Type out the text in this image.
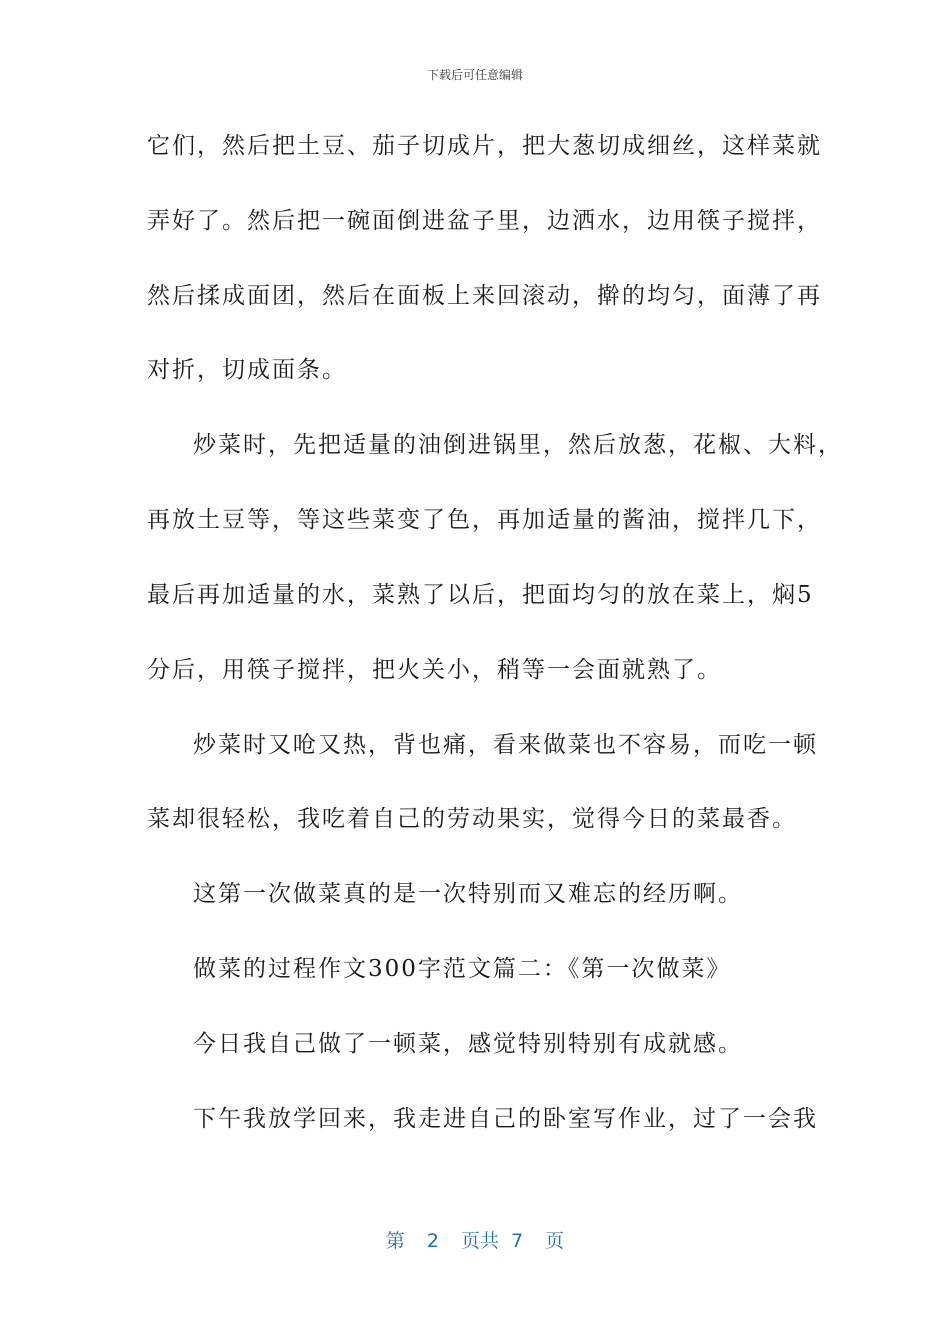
下载后可任意编辑
它们，然后把土豆、茄子切成片，把大葱切成细丝，这样菜就
弄好了。然后把一碗面倒进盆子里，边洒水，边用筷子搅拌，
然后揉成面团，然后在面板上来回滚动，擀的均匀，面薄了再
对折，切成面条。
炒菜时，先把适量的油倒进锅里，然后放葱，花椒、大料，
再放土豆等，等这些菜变了色，再加适量的酱油，搅拌几下，
最后再加适量的水，菜熟了以后，把面均匀的放在菜上，焖5
分后，用筷子搅拌，把火关小，稍等一会面就熟了。
炒菜时又呛又热，背也痛，看来做菜也不容易，而吃一顿
菜却很轻松，我吃着自己的劳动果实，觉得今日的菜最香。
这第一次做菜真的是一次特别而又难忘的经历啊。
做菜的过程作文300字范文篇二：《第一次做菜》
今日我自己做了一顿菜，感觉特别特别有成就感。
下午我放学回来，我走进自己的卧室写作业，过了一会我
第 2 页共 7 页
